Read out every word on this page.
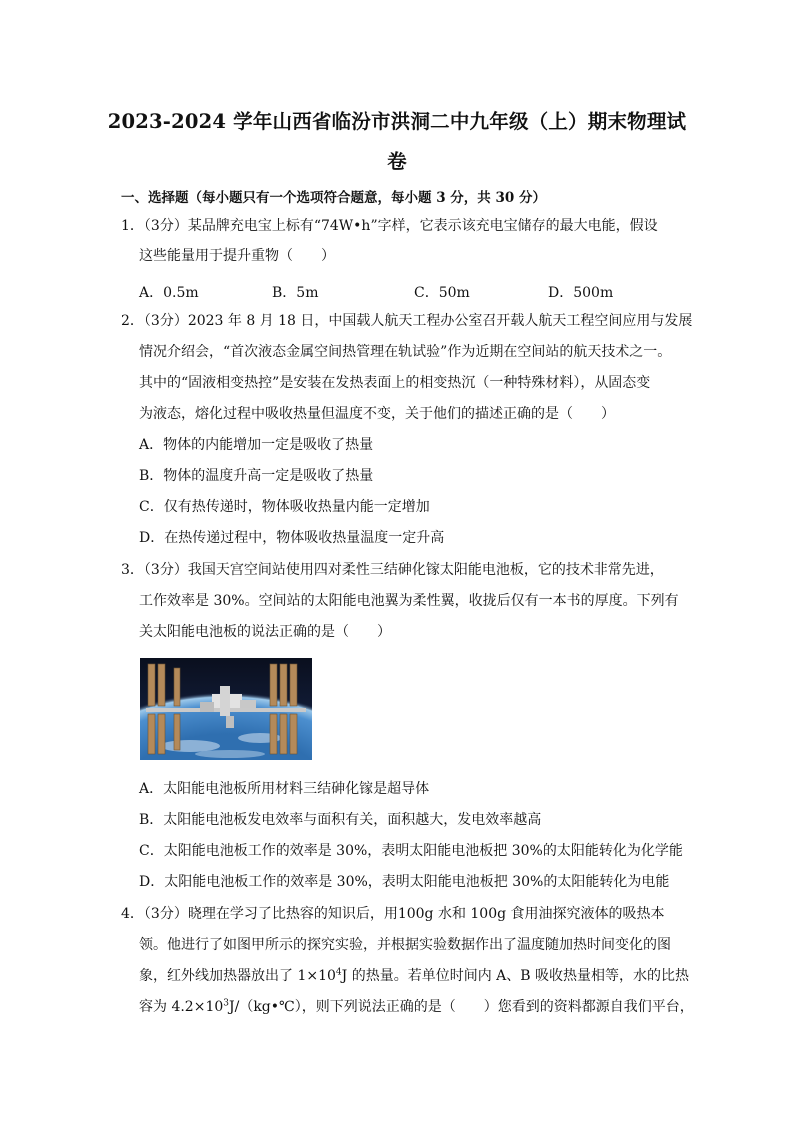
2023-2024 学年山西省临汾市洪洞二中九年级（上）期末物理试
卷
一、选择题（每小题只有一个选项符合题意，每小题 3 分，共 30 分）
1．（3分）某品牌充电宝上标有“74W•h”字样，它表示该充电宝储存的最大电能，假设
这些能量用于提升重物（　　）
A．0.5m	B．5m	C．50m	D．500m
2．（3分）2023 年 8 月 18 日，中国载人航天工程办公室召开载人航天工程空间应用与发展
情况介绍会，“首次液态金属空间热管理在轨试验”作为近期在空间站的航天技术之一。
其中的“固液相变热控”是安装在发热表面上的相变热沉（一种特殊材料），从固态变
为液态，熔化过程中吸收热量但温度不变，关于他们的描述正确的是（　　）
A．物体的内能增加一定是吸收了热量
B．物体的温度升高一定是吸收了热量
C．仅有热传递时，物体吸收热量内能一定增加
D．在热传递过程中，物体吸收热量温度一定升高
3．（3分）我国天宫空间站使用四对柔性三结砷化镓太阳能电池板，它的技术非常先进，
工作效率是 30%。空间站的太阳能电池翼为柔性翼，收拢后仅有一本书的厚度。下列有
关太阳能电池板的说法正确的是（　　）
A．太阳能电池板所用材料三结砷化镓是超导体
B．太阳能电池板发电效率与面积有关，面积越大，发电效率越高
C．太阳能电池板工作的效率是 30%，表明太阳能电池板把 30%的太阳能转化为化学能
D．太阳能电池板工作的效率是 30%，表明太阳能电池板把 30%的太阳能转化为电能
4．（3分）晓理在学习了比热容的知识后，用100g 水和 100g 食用油探究液体的吸热本
领。他进行了如图甲所示的探究实验，并根据实验数据作出了温度随加热时间变化的图
象，红外线加热器放出了 $1\times 10^4J$ 的热量。若单位时间内 A、B 吸收热量相等，水的比热
容为 $4.2\times 10^3J/(kg•℃)$，则下列说法正确的是（　　）您看到的资料都源自我们平台，
